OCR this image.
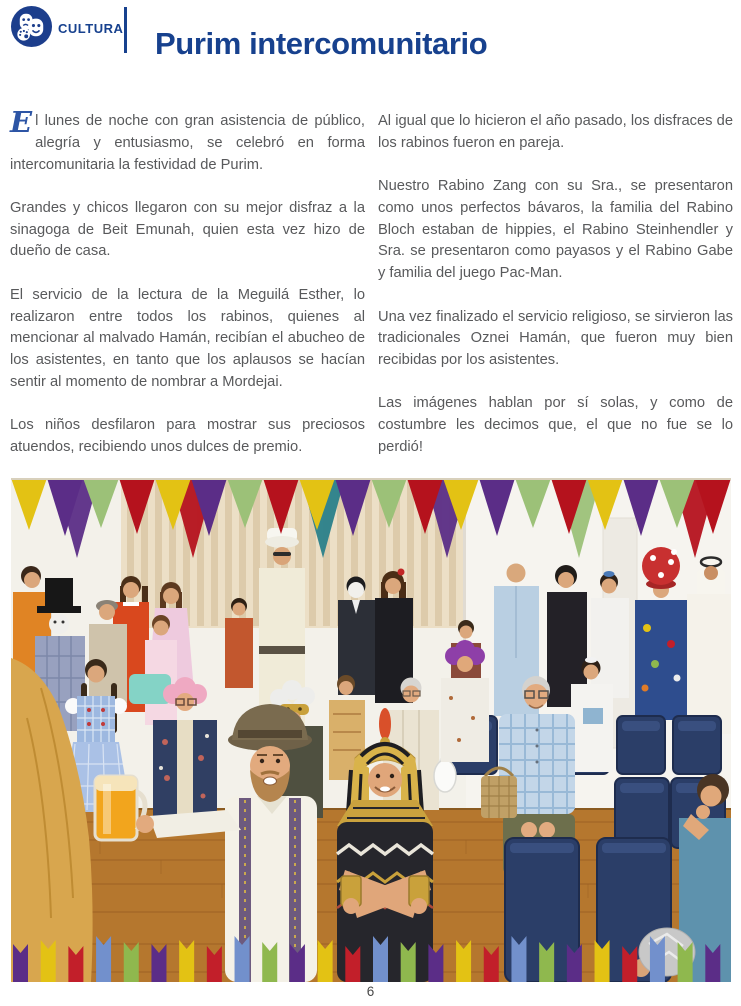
CULTURA Purim intercomunitario

El lunes de noche con gran asistencia de público, alegría y entusiasmo, se celebró en forma intercomunitaria la festividad de Purim.

Grandes y chicos llegaron con su mejor disfraz a la sinagoga de Beit Emunah, quien esta vez hizo de dueño de casa.

El servicio de la lectura de la Meguilá Esther, lo realizaron entre todos los rabinos, quienes al mencionar al malvado Hamán, recibían el abucheo de los asistentes, en tanto que los aplausos se hacían sentir al momento de nombrar a Mordejai.

Los niños desfilaron para mostrar sus preciosos atuendos, recibiendo unos dulces de premio.

Al igual que lo hicieron el año pasado, los disfraces de los rabinos fueron en pareja.

Nuestro Rabino Zang con su Sra., se presentaron como unos perfectos bávaros, la familia del Rabino Bloch estaban de hippies, el Rabino Steinhendler y Sra. se presentaron como payasos y el Rabino Gabe y familia del juego Pac-Man.

Una vez finalizado el servicio religioso, se sirvieron las tradicionales Oznei Hamán, que fueron muy bien recibidas por los asistentes.

Las imágenes hablan por sí solas, y como de costumbre les decimos que, el que no fue se lo perdió!

6
